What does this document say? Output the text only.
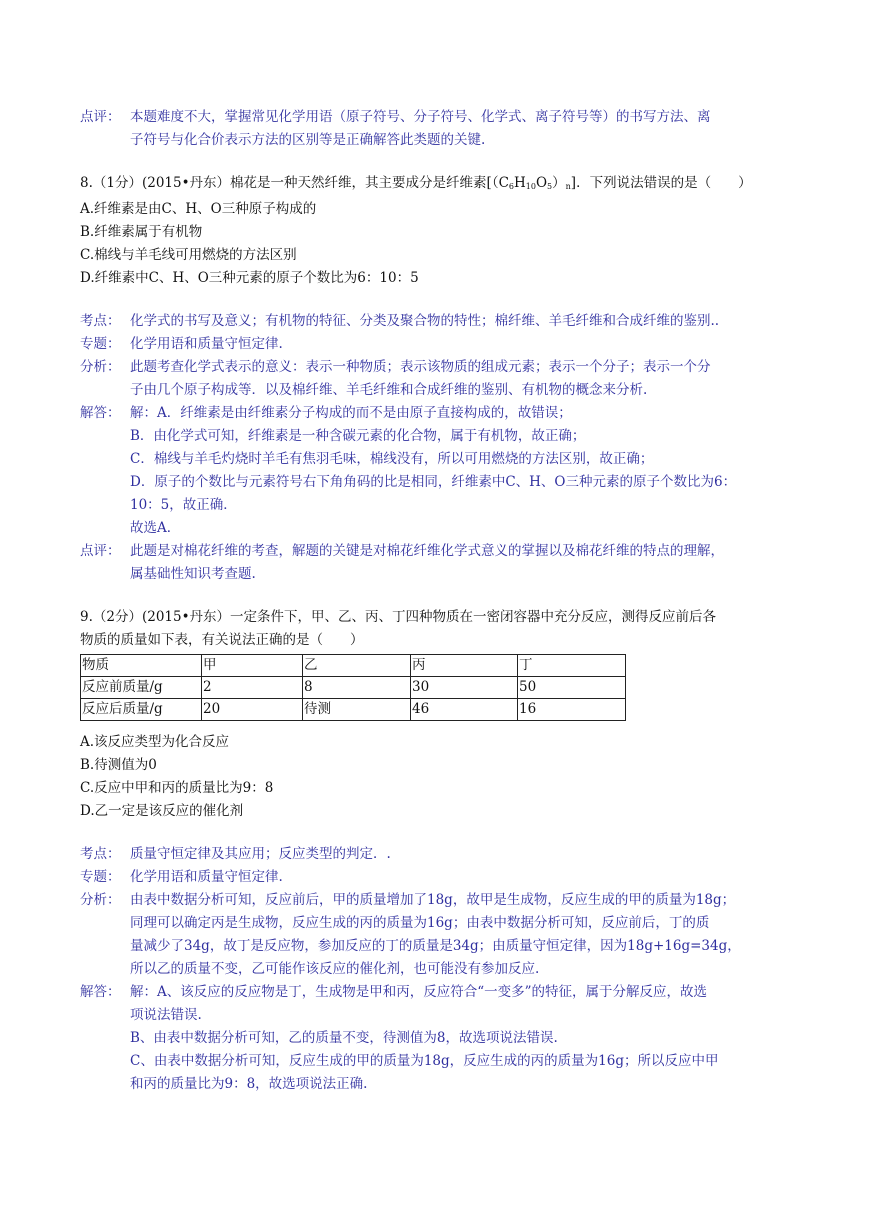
点评： 本题难度不大，掌握常见化学用语（原子符号、分子符号、化学式、离子符号等）的书写方法、离
子符号与化合价表示方法的区别等是正确解答此类题的关键.
8.（1分）(2015•丹东）棉花是一种天然纤维，其主要成分是纤维素$[(C_6H_{10}O_5)_n]$．下列说法错误的是（　　）
A.纤维素是由C、H、O三种原子构成的
B.纤维素属于有机物
C.棉线与羊毛线可用燃烧的方法区别
D.纤维素中C、H、O三种元素的原子个数比为6：10：5
考点： 化学式的书写及意义；有机物的特征、分类及聚合物的特性；棉纤维、羊毛纤维和合成纤维的鉴别..
专题： 化学用语和质量守恒定律.
分析： 此题考查化学式表示的意义：表示一种物质；表示该物质的组成元素；表示一个分子；表示一个分
子由几个原子构成等．以及棉纤维、羊毛纤维和合成纤维的鉴别、有机物的概念来分析.
解答： 解：A．纤维素是由纤维素分子构成的而不是由原子直接构成的，故错误；
B．由化学式可知，纤维素是一种含碳元素的化合物，属于有机物，故正确；
C．棉线与羊毛灼烧时羊毛有焦羽毛味，棉线没有，所以可用燃烧的方法区别，故正确；
D．原子的个数比与元素符号右下角角码的比是相同，纤维素中C、H、O三种元素的原子个数比为6：
10：5，故正确．
故选A．
点评： 此题是对棉花纤维的考查，解题的关键是对棉花纤维化学式意义的掌握以及棉花纤维的特点的理解，
属基础性知识考查题.
9.（2分）(2015•丹东）一定条件下，甲、乙、丙、丁四种物质在一密闭容器中充分反应，测得反应前后各
物质的质量如下表，有关说法正确的是（　　）
物质	甲	乙	丙	丁
反应前质量/g	2	8	30	50
反应后质量/g	20	待测	46	16
A.该反应类型为化合反应
B.待测值为0
C.反应中甲和丙的质量比为9：8
D.乙一定是该反应的催化剂
考点： 质量守恒定律及其应用；反应类型的判定．.
专题： 化学用语和质量守恒定律.
分析： 由表中数据分析可知，反应前后，甲的质量增加了18g，故甲是生成物，反应生成的甲的质量为18g；
同理可以确定丙是生成物，反应生成的丙的质量为16g；由表中数据分析可知，反应前后，丁的质
量减少了34g，故丁是反应物，参加反应的丁的质量是34g；由质量守恒定律，因为18g+16g=34g，
所以乙的质量不变，乙可能作该反应的催化剂，也可能没有参加反应.
解答： 解：A、该反应的反应物是丁，生成物是甲和丙，反应符合“一变多”的特征，属于分解反应，故选
项说法错误.
B、由表中数据分析可知，乙的质量不变，待测值为8，故选项说法错误.
C、由表中数据分析可知，反应生成的甲的质量为18g，反应生成的丙的质量为16g；所以反应中甲
和丙的质量比为9：8，故选项说法正确.
